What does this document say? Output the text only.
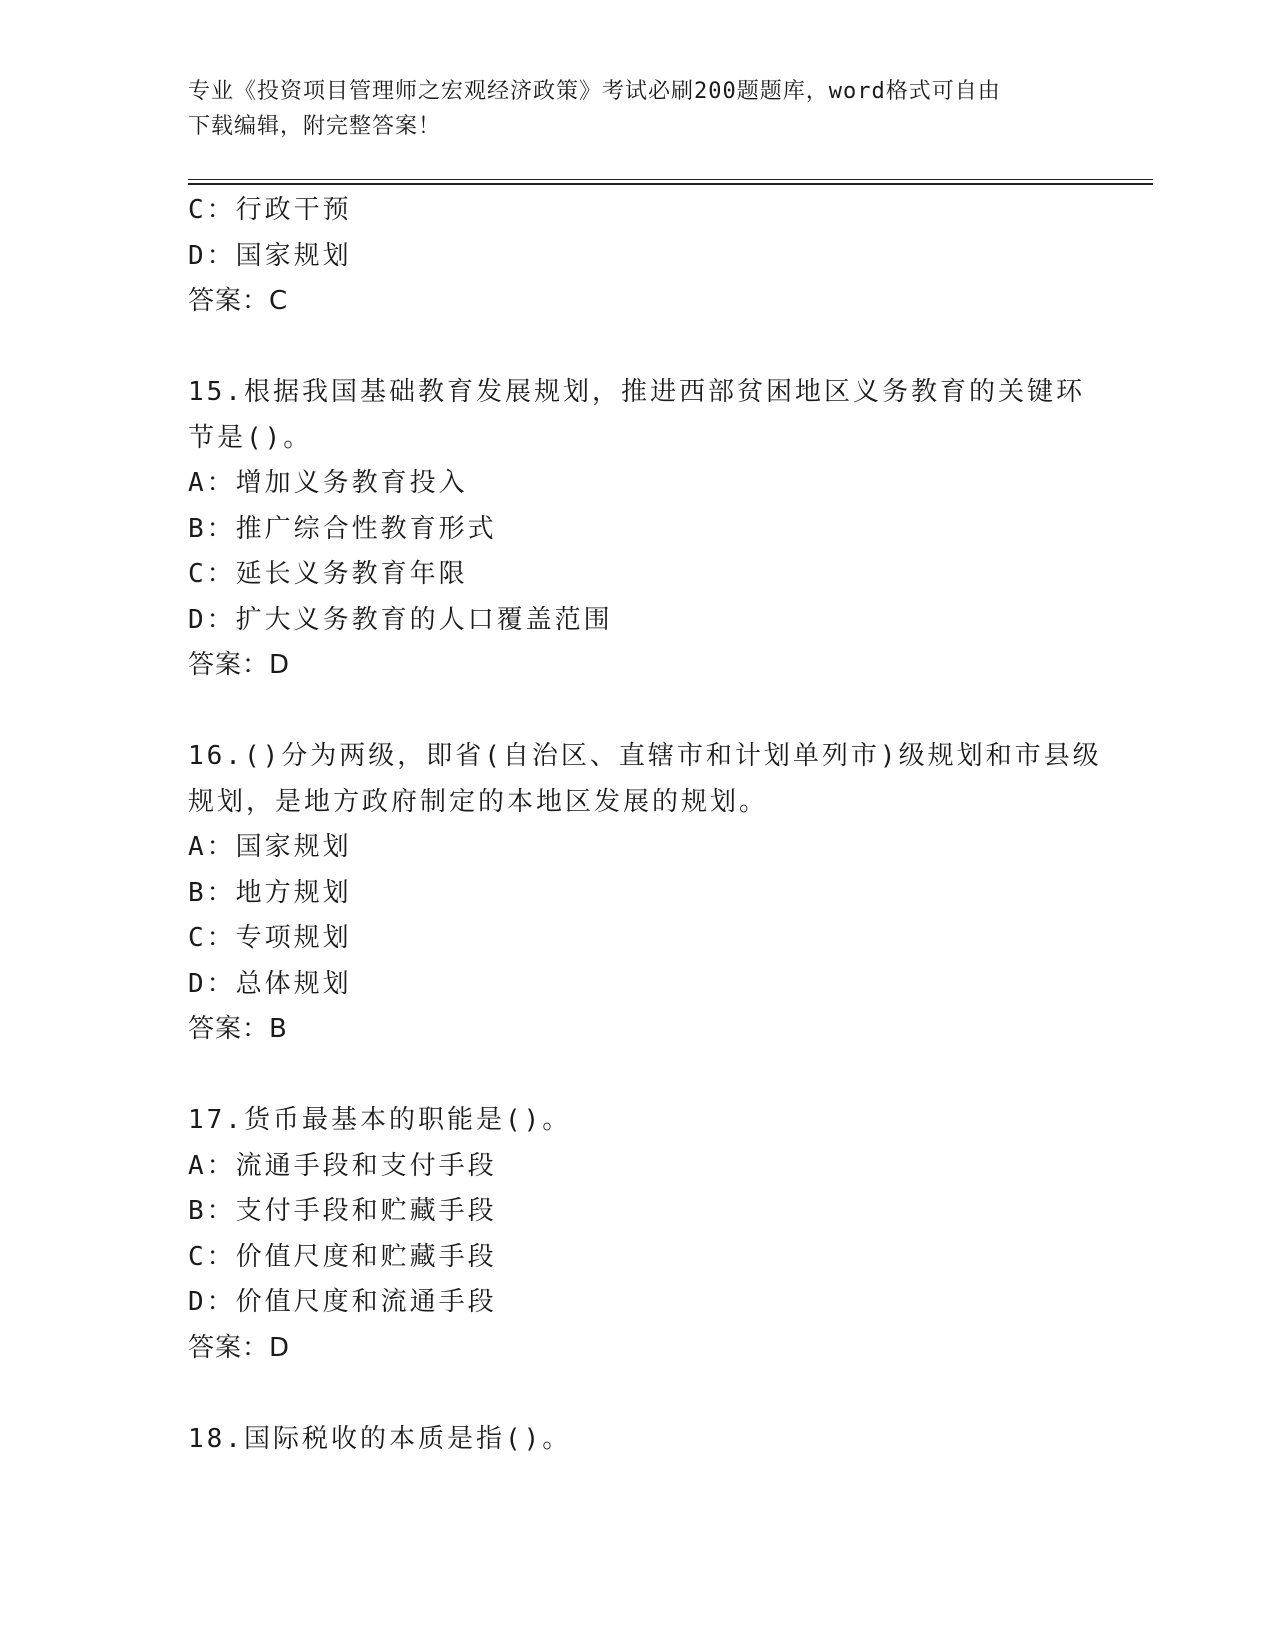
专业《投资项目管理师之宏观经济政策》考试必刷200题题库，word格式可自由
下载编辑，附完整答案！
C：行政干预
D：国家规划
答案：C
15.根据我国基础教育发展规划，推进西部贫困地区义务教育的关键环
节是()。
A：增加义务教育投入
B：推广综合性教育形式
C：延长义务教育年限
D：扩大义务教育的人口覆盖范围
答案：D
16.()分为两级，即省(自治区、直辖市和计划单列市)级规划和市县级
规划，是地方政府制定的本地区发展的规划。
A：国家规划
B：地方规划
C：专项规划
D：总体规划
答案：B
17.货币最基本的职能是()。
A：流通手段和支付手段
B：支付手段和贮藏手段
C：价值尺度和贮藏手段
D：价值尺度和流通手段
答案：D
18.国际税收的本质是指()。
